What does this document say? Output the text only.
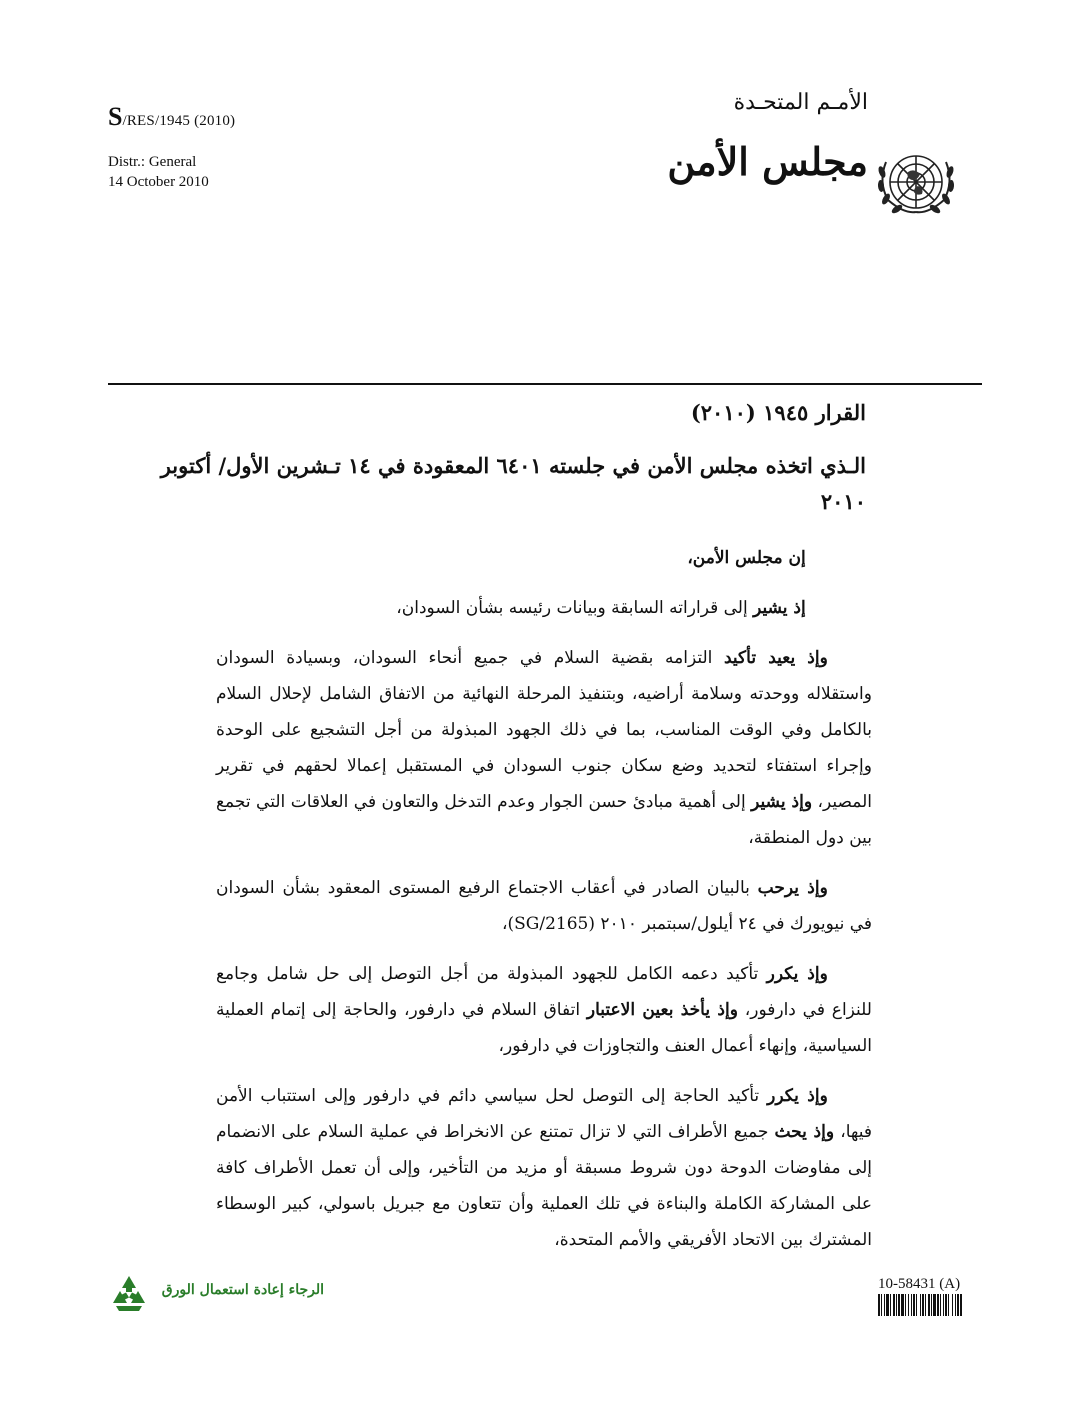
S/RES/1945 (2010)
Distr.: General
14 October 2010
الأمـم المتحـدة
مجلس الأمن
القرار ١٩٤٥ (٢٠١٠)
الـذي اتخذه مجلس الأمن في جلسته ٦٤٠١ المعقودة في ١٤ تـشرين الأول/ أكتوبر ٢٠١٠

إن مجلس الأمن،

إذ يشير إلى قراراته السابقة وبيانات رئيسه بشأن السودان،

وإذ يعيد تأكيد التزامه بقضية السلام في جميع أنحاء السودان، وبسيادة السودان واستقلاله ووحدته وسلامة أراضيه، وبتنفيذ المرحلة النهائية من الاتفاق الشامل لإحلال السلام بالكامل وفي الوقت المناسب، بما في ذلك الجهود المبذولة من أجل التشجيع على الوحدة وإجراء استفتاء لتحديد وضع سكان جنوب السودان في المستقبل إعمالا لحقهم في تقرير المصير، وإذ يشير إلى أهمية مبادئ حسن الجوار وعدم التدخل والتعاون في العلاقات التي تجمع بين دول المنطقة،

وإذ يرحب بالبيان الصادر في أعقاب الاجتماع الرفيع المستوى المعقود بشأن السودان في نيويورك في ٢٤ أيلول/سبتمبر ٢٠١٠ (SG/2165)،

وإذ يكرر تأكيد دعمه الكامل للجهود المبذولة من أجل التوصل إلى حل شامل وجامع للنزاع في دارفور، وإذ يأخذ بعين الاعتبار اتفاق السلام في دارفور، والحاجة إلى إتمام العملية السياسية، وإنهاء أعمال العنف والتجاوزات في دارفور،

وإذ يكرر تأكيد الحاجة إلى التوصل لحل سياسي دائم في دارفور وإلى استتباب الأمن فيها، وإذ يحث جميع الأطراف التي لا تزال تمتنع عن الانخراط في عملية السلام على الانضمام إلى مفاوضات الدوحة دون شروط مسبقة أو مزيد من التأخير، وإلى أن تعمل الأطراف كافة على المشاركة الكاملة والبناءة في تلك العملية وأن تتعاون مع جبريل باسولي، كبير الوسطاء المشترك بين الاتحاد الأفريقي والأمم المتحدة،

الرجاء إعادة استعمال الورق	10-58431 (A)
